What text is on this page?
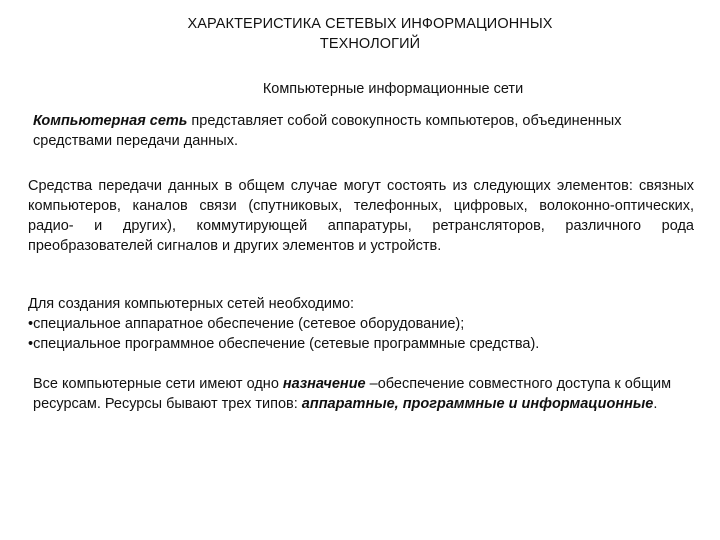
ХАРАКТЕРИСТИКА СЕТЕВЫХ ИНФОРМАЦИОННЫХ
ТЕХНОЛОГИЙ
Компьютерные информационные сети
Компьютерная сеть представляет собой совокупность компьютеров, объединенных средствами передачи данных.
Средства передачи данных в общем случае могут состоять из следующих элементов: связных компьютеров, каналов связи (спутниковых, телефонных, цифровых, волоконно-оптических, радио- и других), коммутирующей аппаратуры, ретрансляторов, различного рода преобразователей сигналов и других элементов и устройств.
Для создания компьютерных сетей необходимо:
•специальное аппаратное обеспечение (сетевое оборудование);
•специальное программное обеспечение (сетевые программные средства).
Все компьютерные сети имеют одно назначение –обеспечение совместного доступа к общим ресурсам. Ресурсы бывают трех типов: аппаратные, программные и информационные.
